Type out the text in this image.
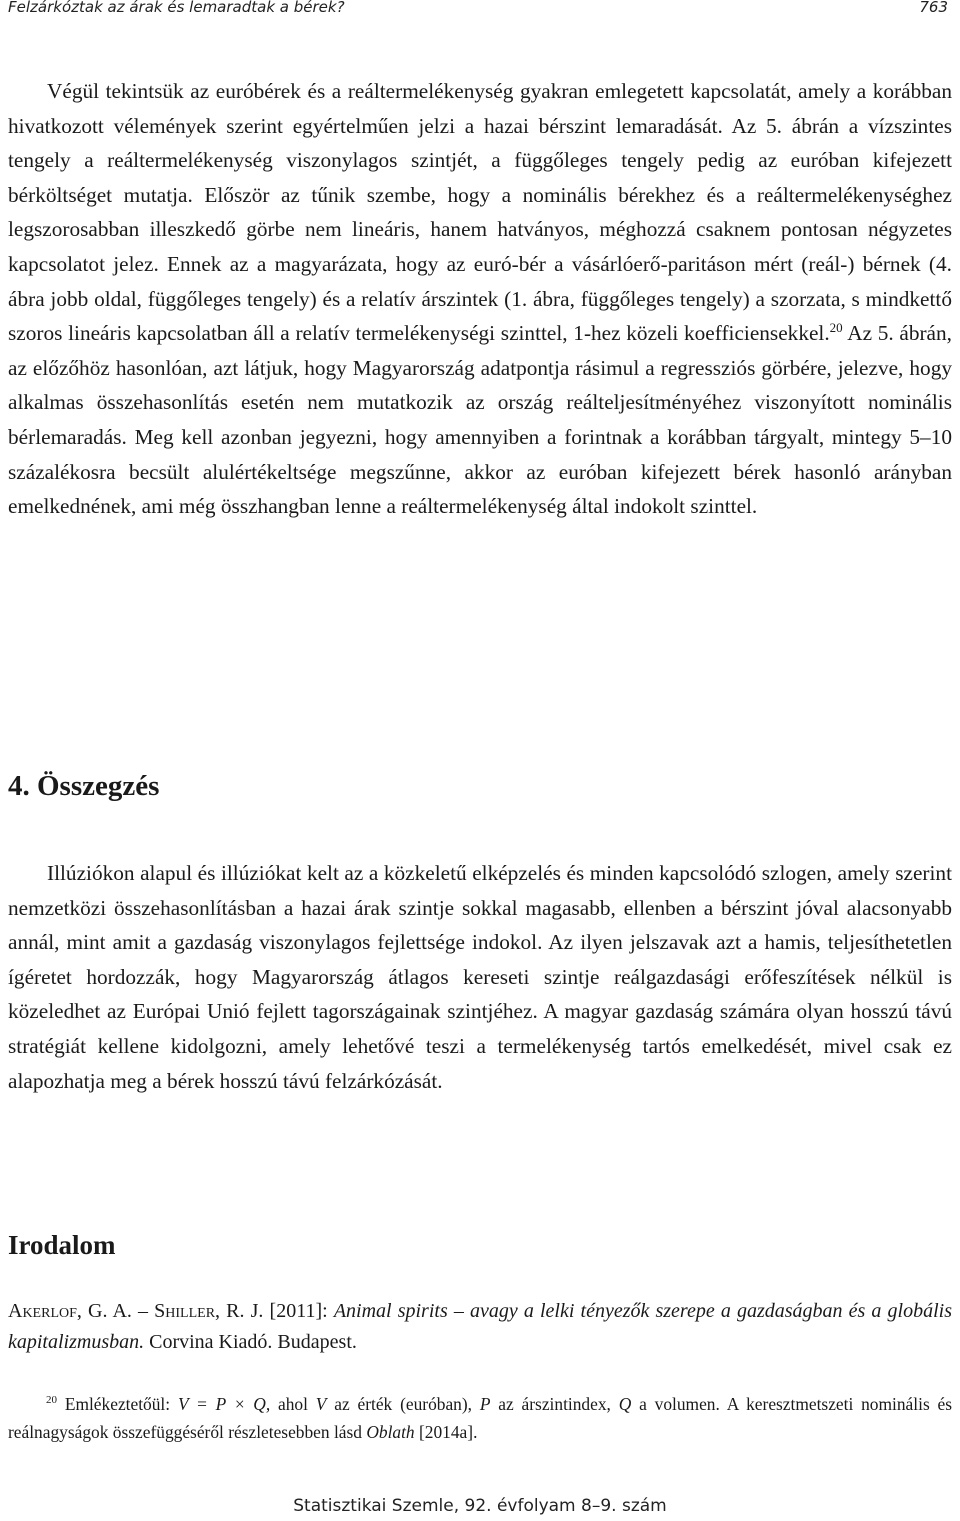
Felzárkóztak az árak és lemaradtak a bérek?	763

Végül tekintsük az euróbérek és a reáltermelékenység gyakran emlegetett kapcsolatát, amely a korábban hivatkozott vélemények szerint egyértelműen jelzi a hazai bérszint lemaradását. Az 5. ábrán a vízszintes tengely a reáltermelékenység viszonylagos szintjét, a függőleges tengely pedig az euróban kifejezett bérköltséget mutatja. Először az tűnik szembe, hogy a nominális bérekhez és a reáltermelékenységhez legszorosabban illeszkedő görbe nem lineáris, hanem hatványos, méghozzá csaknem pontosan négyzetes kapcsolatot jelez. Ennek az a magyarázata, hogy az euró-bér a vásárlóerő-paritáson mért (reál-) bérnek (4. ábra jobb oldal, függőleges tengely) és a relatív árszintek (1. ábra, függőleges tengely) a szorzata, s mindkettő szoros lineáris kapcsolatban áll a relatív termelékenységi szinttel, 1-hez közeli koefficiensekkel.$^{20}$ Az 5. ábrán, az előzőhöz hasonlóan, azt látjuk, hogy Magyarország adatpontja rásimul a regressziós görbére, jelezve, hogy alkalmas összehasonlítás esetén nem mutatkozik az ország reálteljesítményéhez viszonyított nominális bérlemaradás. Meg kell azonban jegyezni, hogy amennyiben a forintnak a korábban tárgyalt, mintegy 5–10 százalékosra becsült alulértékeltsége megszűnne, akkor az euróban kifejezett bérek hasonló arányban emelkednének, ami még összhangban lenne a reáltermelékenység által indokolt szinttel.

4. Összegzés

Illúziókon alapul és illúziókat kelt az a közkeletű elképzelés és minden kapcsolódó szlogen, amely szerint nemzetközi összehasonlításban a hazai árak szintje sokkal magasabb, ellenben a bérszint jóval alacsonyabb annál, mint amit a gazdaság viszonylagos fejlettsége indokol. Az ilyen jelszavak azt a hamis, teljesíthetetlen ígéretet hordozzák, hogy Magyarország átlagos kereseti szintje reálgazdasági erőfeszítések nélkül is közeledhet az Európai Unió fejlett tagországainak szintjéhez. A magyar gazdaság számára olyan hosszú távú stratégiát kellene kidolgozni, amely lehetővé teszi a termelékenység tartós emelkedését, mivel csak ez alapozhatja meg a bérek hosszú távú felzárkózását.

Irodalom
Akerlof, G. A. – Shiller, R. J. [2011]: Animal spirits – avagy a lelki tényezők szerepe a gazdaságban és a globális kapitalizmusban. Corvina Kiadó. Budapest.
$^{20}$ Emlékeztetőül: V = P × Q, ahol V az érték (euróban), P az árszintindex, Q a volumen. A keresztmetszeti nominális és reálnagyságok összefüggéséről részletesebben lásd Oblath [2014a].
Statisztikai Szemle, 92. évfolyam 8–9. szám
